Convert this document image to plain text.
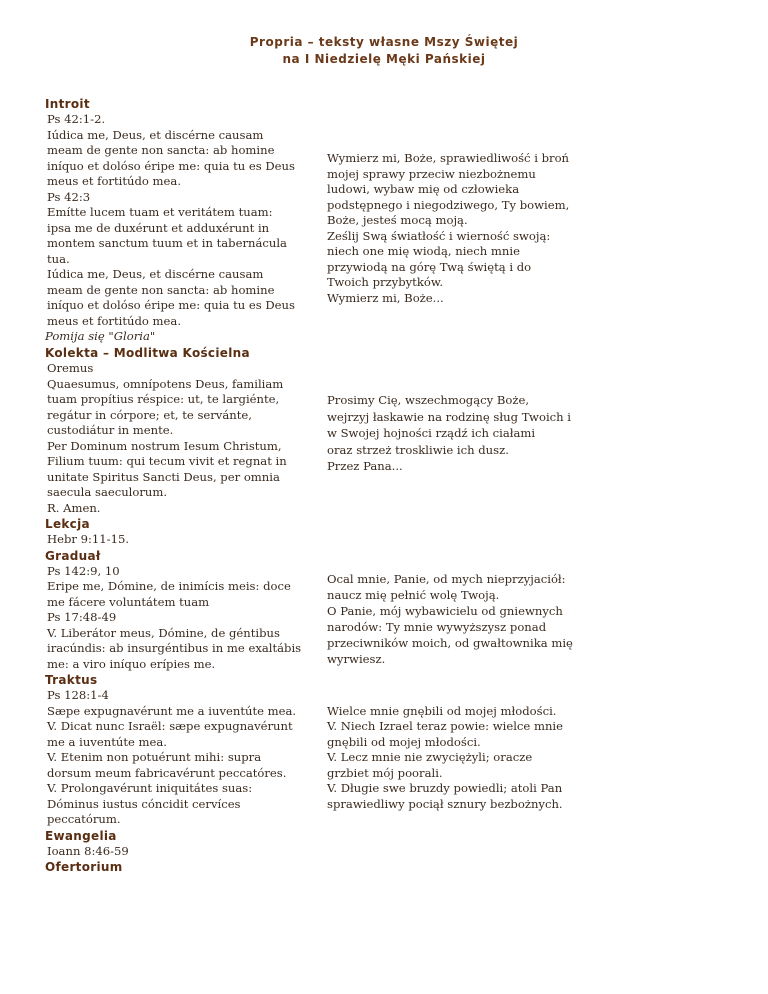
Propria – teksty własne Mszy Świętej
na I Niedzielę Męki Pańskiej
Introit
Ps 42:1-2.
Iúdica me, Deus, et discérne causam
meam de gente non sancta: ab homine
iníquo et dolóso éripe me: quia tu es Deus
meus et fortitúdo mea.
Ps 42:3
Emítte lucem tuam et veritátem tuam:
ipsa me de duxérunt et adduxérunt in
montem sanctum tuum et in tabernácula
tua.
Iúdica me, Deus, et discérne causam
meam de gente non sancta: ab homine
iníquo et dolóso éripe me: quia tu es Deus
meus et fortitúdo mea.
Wymierz mi, Boże, sprawiedliwość i broń
mojej sprawy przeciw niezbożnemu
ludowi, wybaw mię od człowieka
podstępnego i niegodziwego, Ty bowiem,
Boże, jesteś mocą moją.
Ześlij Swą światłość i wierność swoją:
niech one mię wiodą, niech mnie
przywiodą na górę Twą świętą i do
Twoich przybytków.
Wymierz mi, Boże...
Pomija się "Gloria"
Kolekta – Modlitwa Kościelna
Oremus
Quaesumus, omnípotens Deus, familiam
tuam propítius réspice: ut, te largiénte,
regátur in córpore; et, te servánte,
custodiátur in mente.
Per Dominum nostrum Iesum Christum,
Filium tuum: qui tecum vivit et regnat in
unitate Spiritus Sancti Deus, per omnia
saecula saeculorum.
R. Amen.
Prosimy Cię, wszechmogący Boże,
wejrzyj łaskawie na rodzinę sług Twoich i
w Swojej hojności rządź ich ciałami
oraz strzeż troskliwie ich dusz.
Przez Pana...
Lekcja
Hebr 9:11-15.
Graduał
Ps 142:9, 10
Eripe me, Dómine, de inimícis meis: doce
me fácere voluntátem tuam
Ps 17:48-49
V. Liberátor meus, Dómine, de géntibus
iracúndis: ab insurgéntibus in me exaltábis
me: a viro iníquo erípies me.
Ocal mnie, Panie, od mych nieprzyjaciół:
naucz mię pełnić wolę Twoją.
O Panie, mój wybawicielu od gniewnych
narodów: Ty mnie wywyższysz ponad
przeciwników moich, od gwałtownika mię
wyrwiesz.
Traktus
Ps 128:1-4
Sæpe expugnavérunt me a iuventúte mea.
V. Dicat nunc Israël: sæpe expugnavérunt
me a iuventúte mea.
V. Etenim non potuérunt mihi: supra
dorsum meum fabricavérunt peccatóres.
V. Prolongavérunt iniquitátes suas:
Dóminus iustus cóncidit cervíces
peccatórum.
Wielce mnie gnębili od mojej młodości.
V. Niech Izrael teraz powie: wielce mnie
gnębili od mojej młodości.
V. Lecz mnie nie zwyciężyli; oracze
grzbiet mój poorali.
V. Długie swe bruzdy powiedli; atoli Pan
sprawiedliwy pociął sznury bezbożnych.
Ewangelia
Ioann 8:46-59
Ofertorium
